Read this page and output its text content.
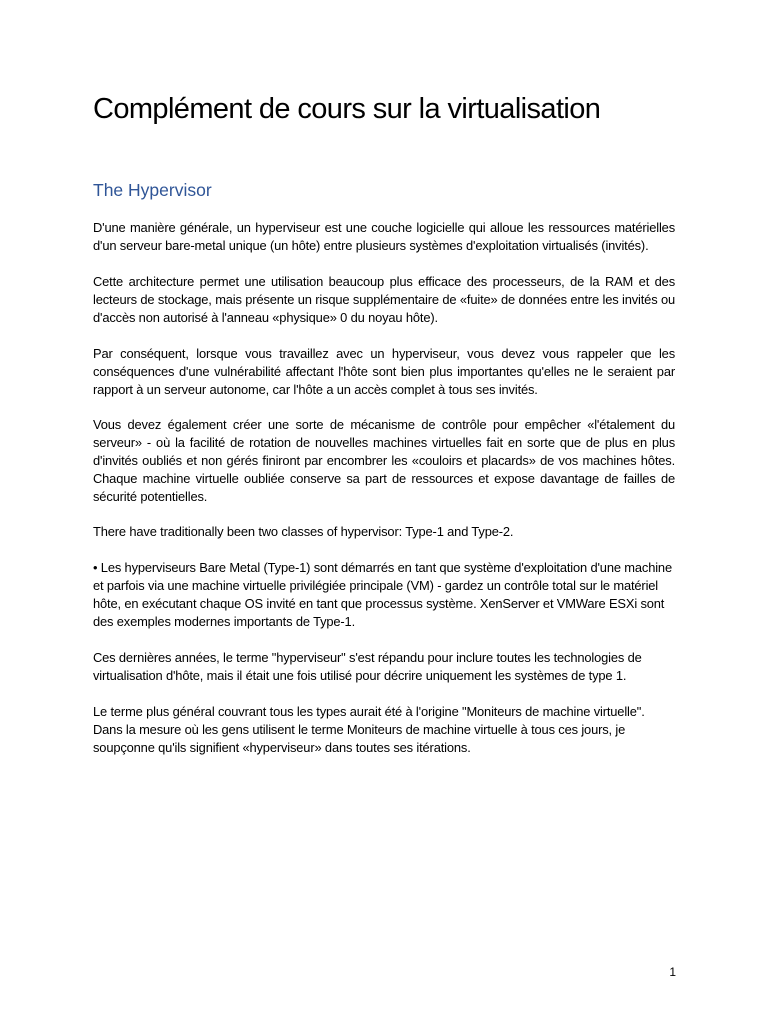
Complément de cours sur la virtualisation
The Hypervisor

D'une manière générale, un hyperviseur est une couche logicielle qui alloue les ressources matérielles d'un serveur bare-metal unique (un hôte) entre plusieurs systèmes d'exploitation virtualisés (invités).

Cette architecture permet une utilisation beaucoup plus efficace des processeurs, de la RAM et des lecteurs de stockage, mais présente un risque supplémentaire de «fuite» de données entre les invités ou d'accès non autorisé à l'anneau «physique» 0 du noyau hôte).

Par conséquent, lorsque vous travaillez avec un hyperviseur, vous devez vous rappeler que les conséquences d'une vulnérabilité affectant l'hôte sont bien plus importantes qu'elles ne le seraient par rapport à un serveur autonome, car l'hôte a un accès complet à tous ses invités.

Vous devez également créer une sorte de mécanisme de contrôle pour empêcher «l'étalement du serveur» - où la facilité de rotation de nouvelles machines virtuelles fait en sorte que de plus en plus d'invités oubliés et non gérés finiront par encombrer les «couloirs et placards» de vos machines hôtes. Chaque machine virtuelle oubliée conserve sa part de ressources et expose davantage de failles de sécurité potentielles.

There have traditionally been two classes of hypervisor: Type-1 and Type-2.

• Les hyperviseurs Bare Metal (Type-1) sont démarrés en tant que système d'exploitation d'une machine et parfois via une machine virtuelle privilégiée principale (VM) - gardez un contrôle total sur le matériel hôte, en exécutant chaque OS invité en tant que processus système. XenServer et VMWare ESXi sont des exemples modernes importants de Type-1.

Ces dernières années, le terme "hyperviseur" s'est répandu pour inclure toutes les technologies de virtualisation d'hôte, mais il était une fois utilisé pour décrire uniquement les systèmes de type 1.

Le terme plus général couvrant tous les types aurait été à l'origine "Moniteurs de machine virtuelle". Dans la mesure où les gens utilisent le terme Moniteurs de machine virtuelle à tous ces jours, je soupçonne qu'ils signifient «hyperviseur» dans toutes ses itérations.

1
